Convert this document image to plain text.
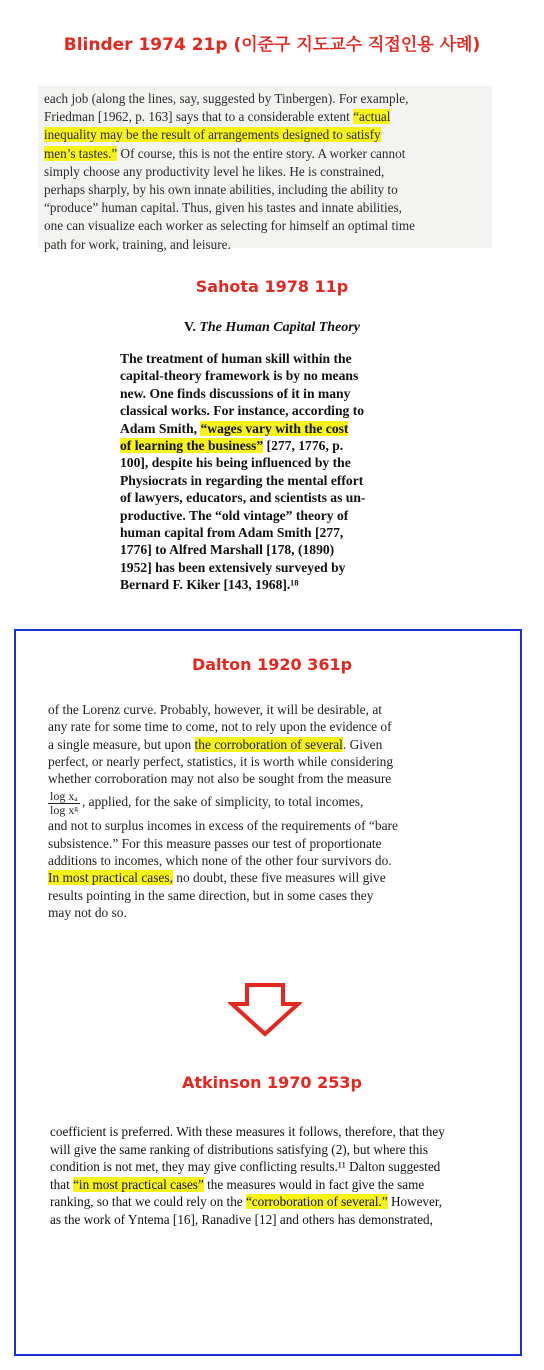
Blinder 1974 21p (이준구 지도교수 직접인용 사례)
each job (along the lines, say, suggested by Tinbergen). For example,
Friedman [1962, p. 163] says that to a considerable extent “actual
inequality may be the result of arrangements designed to satisfy
men’s tastes.” Of course, this is not the entire story. A worker cannot
simply choose any productivity level he likes. He is constrained,
perhaps sharply, by his own innate abilities, including the ability to
“produce” human capital. Thus, given his tastes and innate abilities,
one can visualize each worker as selecting for himself an optimal time
path for work, training, and leisure.
Sahota 1978 11p
V. The Human Capital Theory
The treatment of human skill within the
capital-theory framework is by no means
new. One finds discussions of it in many
classical works. For instance, according to
Adam Smith, “wages vary with the cost
of learning the business” [277, 1776, p.
100], despite his being influenced by the
Physiocrats in regarding the mental effort
of lawyers, educators, and scientists as un-
productive. The “old vintage” theory of
human capital from Adam Smith [277,
1776] to Alfred Marshall [178, (1890)
1952] has been extensively surveyed by
Bernard F. Kiker [143, 1968].¹⁸
Dalton 1920 361p
of the Lorenz curve. Probably, however, it will be desirable, at
any rate for some time to come, not to rely upon the evidence of
a single measure, but upon the corroboration of several. Given
perfect, or nearly perfect, statistics, it is worth while considering
whether corroboration may not also be sought from the measure
$\frac{\text{log xₐ}}{\text{log xᵍ}}$ , applied, for the sake of simplicity, to total incomes,
and not to surplus incomes in excess of the requirements of “bare
subsistence.” For this measure passes our test of proportionate
additions to incomes, which none of the other four survivors do.
In most practical cases, no doubt, these five measures will give
results pointing in the same direction, but in some cases they
may not do so.
Atkinson 1970 253p
coefficient is preferred. With these measures it follows, therefore, that they
will give the same ranking of distributions satisfying (2), but where this
condition is not met, they may give conflicting results.¹¹ Dalton suggested
that “in most practical cases” the measures would in fact give the same
ranking, so that we could rely on the “corroboration of several.” However,
as the work of Yntema [16], Ranadive [12] and others has demonstrated,
